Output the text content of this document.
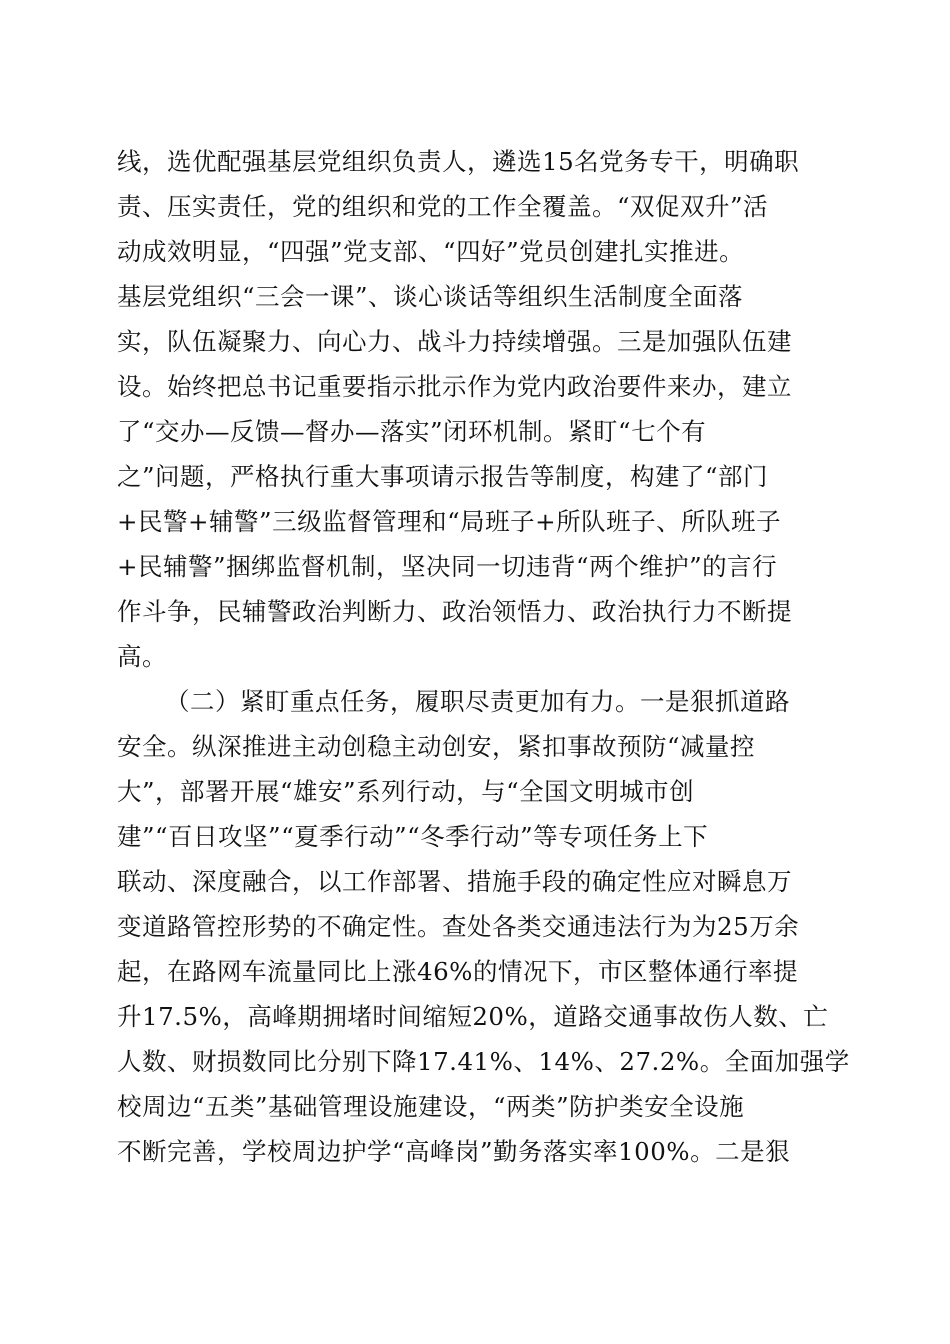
线，选优配强基层党组织负责人，遴选15名党务专干，明确职
责、压实责任，党的组织和党的工作全覆盖。“双促双升”活
动成效明显，“四强”党支部、“四好”党员创建扎实推进。
基层党组织“三会一课”、谈心谈话等组织生活制度全面落
实，队伍凝聚力、向心力、战斗力持续增强。三是加强队伍建
设。始终把总书记重要指示批示作为党内政治要件来办，建立
了“交办—反馈—督办—落实”闭环机制。紧盯“七个有
之”问题，严格执行重大事项请示报告等制度，构建了“部门
+民警+辅警”三级监督管理和“局班子+所队班子、所队班子
+民辅警”捆绑监督机制，坚决同一切违背“两个维护”的言行
作斗争，民辅警政治判断力、政治领悟力、政治执行力不断提
高。
（二）紧盯重点任务，履职尽责更加有力。一是狠抓道路
安全。纵深推进主动创稳主动创安，紧扣事故预防“减量控
大”，部署开展“雄安”系列行动，与“全国文明城市创
建”“百日攻坚”“夏季行动”“冬季行动”等专项任务上下
联动、深度融合，以工作部署、措施手段的确定性应对瞬息万
变道路管控形势的不确定性。查处各类交通违法行为为25万余
起，在路网车流量同比上涨46%的情况下，市区整体通行率提
升17.5%，高峰期拥堵时间缩短20%，道路交通事故伤人数、亡
人数、财损数同比分别下降17.41%、14%、27.2%。全面加强学
校周边“五类”基础管理设施建设，“两类”防护类安全设施
不断完善，学校周边护学“高峰岗”勤务落实率100%。二是狠
